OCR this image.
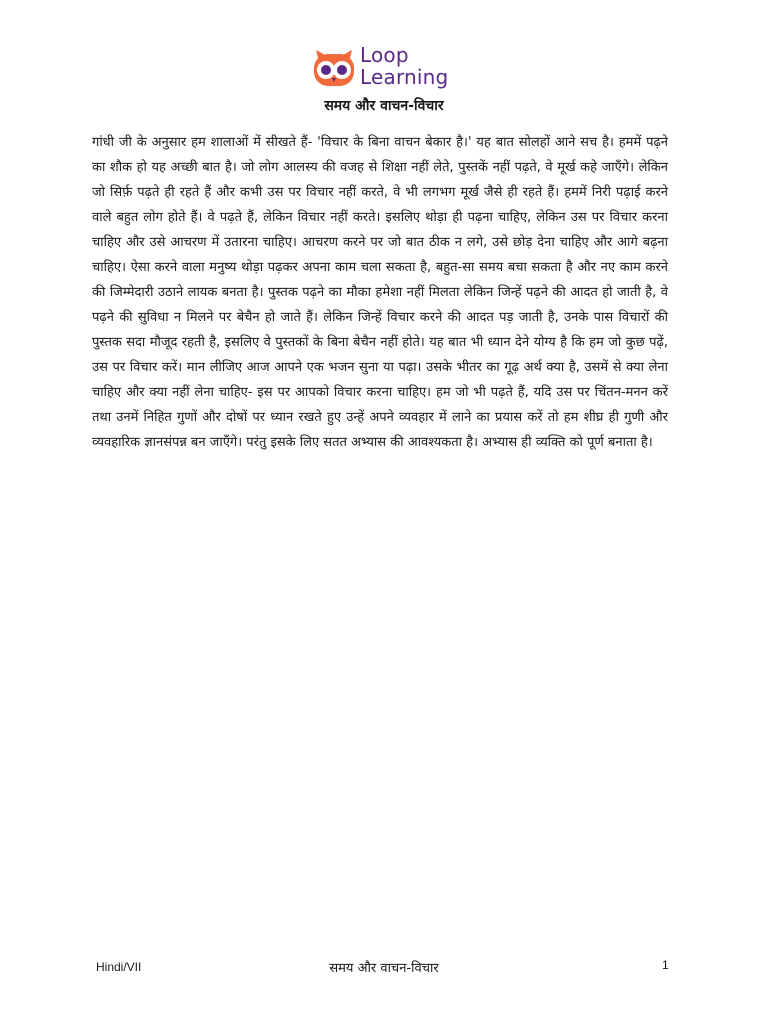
Loop
Learning
समय और वाचन-विचार

गांधी जी के अनुसार हम शालाओं में सीखते हैं- 'विचार के बिना वाचन बेकार है।' यह बात सोलहों आने सच है। हममें पढ़ने का शौक हो यह अच्छी बात है। जो लोग आलस्य की वजह से शिक्षा नहीं लेते, पुस्तकें नहीं पढ़ते, वे मूर्ख कहे जाएँगे। लेकिन जो सिर्फ़ पढ़ते ही रहते हैं और कभी उस पर विचार नहीं करते, वे भी लगभग मूर्ख जैसे ही रहते हैं। हममें निरी पढ़ाई करने वाले बहुत लोग होते हैं। वे पढ़ते हैं, लेकिन विचार नहीं करते। इसलिए थोड़ा ही पढ़ना चाहिए, लेकिन उस पर विचार करना चाहिए और उसे आचरण में उतारना चाहिए। आचरण करने पर जो बात ठीक न लगे, उसे छोड़ देना चाहिए और आगे बढ़ना चाहिए। ऐसा करने वाला मनुष्य थोड़ा पढ़कर अपना काम चला सकता है, बहुत-सा समय बचा सकता है और नए काम करने की जिम्मेदारी उठाने लायक बनता है। पुस्तक पढ़ने का मौका हमेशा नहीं मिलता लेकिन जिन्हें पढ़ने की आदत हो जाती है, वे पढ़ने की सुविधा न मिलने पर बेचैन हो जाते हैं। लेकिन जिन्हें विचार करने की आदत पड़ जाती है, उनके पास विचारों की पुस्तक सदा मौजूद रहती है, इसलिए वे पुस्तकों के बिना बेचैन नहीं होते। यह बात भी ध्यान देने योग्य है कि हम जो कुछ पढ़ें, उस पर विचार करें। मान लीजिए आज आपने एक भजन सुना या पढ़ा। उसके भीतर का गूढ़ अर्थ क्या है, उसमें से क्या लेना चाहिए और क्या नहीं लेना चाहिए- इस पर आपको विचार करना चाहिए। हम जो भी पढ़ते हैं, यदि उस पर चिंतन-मनन करें तथा उनमें निहित गुणों और दोषों पर ध्यान रखते हुए उन्हें अपने व्यवहार में लाने का प्रयास करें तो हम शीघ्र ही गुणी और व्यवहारिक ज्ञानसंपन्न बन जाएँगे। परंतु इसके लिए सतत अभ्यास की आवश्यकता है। अभ्यास ही व्यक्ति को पूर्ण बनाता है।

Hindi/VII	समय और वाचन-विचार	1
